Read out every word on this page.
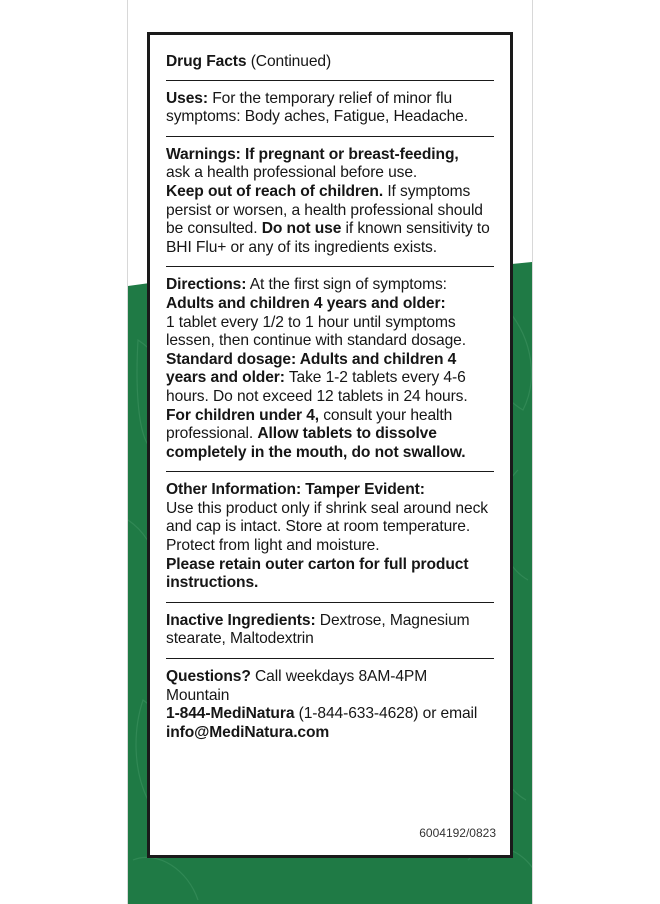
Drug Facts (Continued)
Uses: For the temporary relief of minor flu symptoms: Body aches, Fatigue, Headache.
Warnings: If pregnant or breast-feeding,
ask a health professional before use.
Keep out of reach of children. If symptoms persist or worsen, a health professional should be consulted. Do not use if known sensitivity to BHI Flu+ or any of its ingredients exists.
Directions: At the first sign of symptoms:
Adults and children 4 years and older:
1 tablet every 1/2 to 1 hour until symptoms lessen, then continue with standard dosage.
Standard dosage: Adults and children 4 years and older: Take 1-2 tablets every 4-6 hours. Do not exceed 12 tablets in 24 hours. For children under 4, consult your health professional. Allow tablets to dissolve completely in the mouth, do not swallow.
Other Information: Tamper Evident:
Use this product only if shrink seal around neck and cap is intact. Store at room temperature. Protect from light and moisture.
Please retain outer carton for full product instructions.
Inactive Ingredients: Dextrose, Magnesium stearate, Maltodextrin
Questions? Call weekdays 8AM-4PM Mountain
1-844-MediNatura (1-844-633-4628) or email info@MediNatura.com
6004192/0823
